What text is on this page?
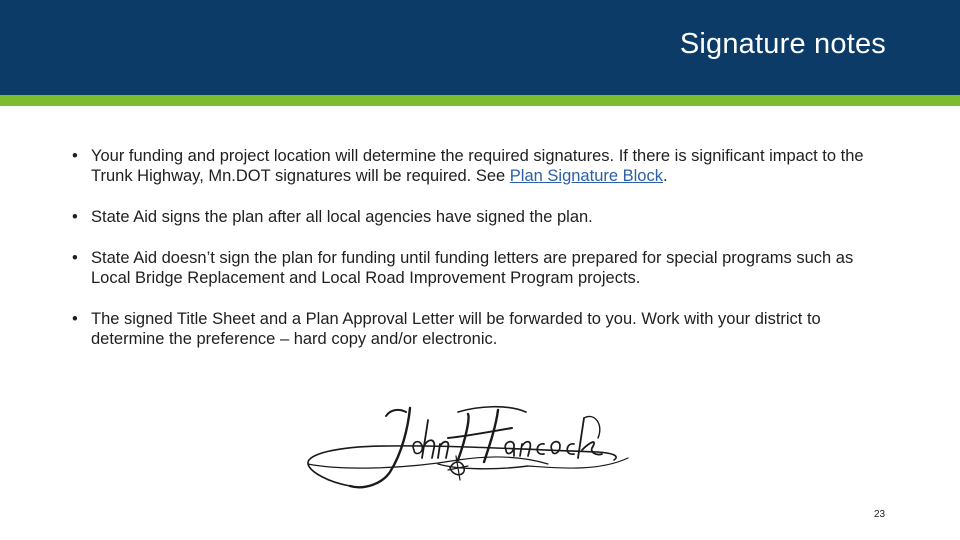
Signature notes
• Your funding and project location will determine the required signatures. If there is significant impact to the Trunk Highway, Mn.DOT signatures will be required. See Plan Signature Block.
• State Aid signs the plan after all local agencies have signed the plan.
• State Aid doesn’t sign the plan for funding until funding letters are prepared for special programs such as Local Bridge Replacement and Local Road Improvement Program projects.
• The signed Title Sheet and a Plan Approval Letter will be forwarded to you. Work with your district to determine the preference – hard copy and/or electronic.
23
